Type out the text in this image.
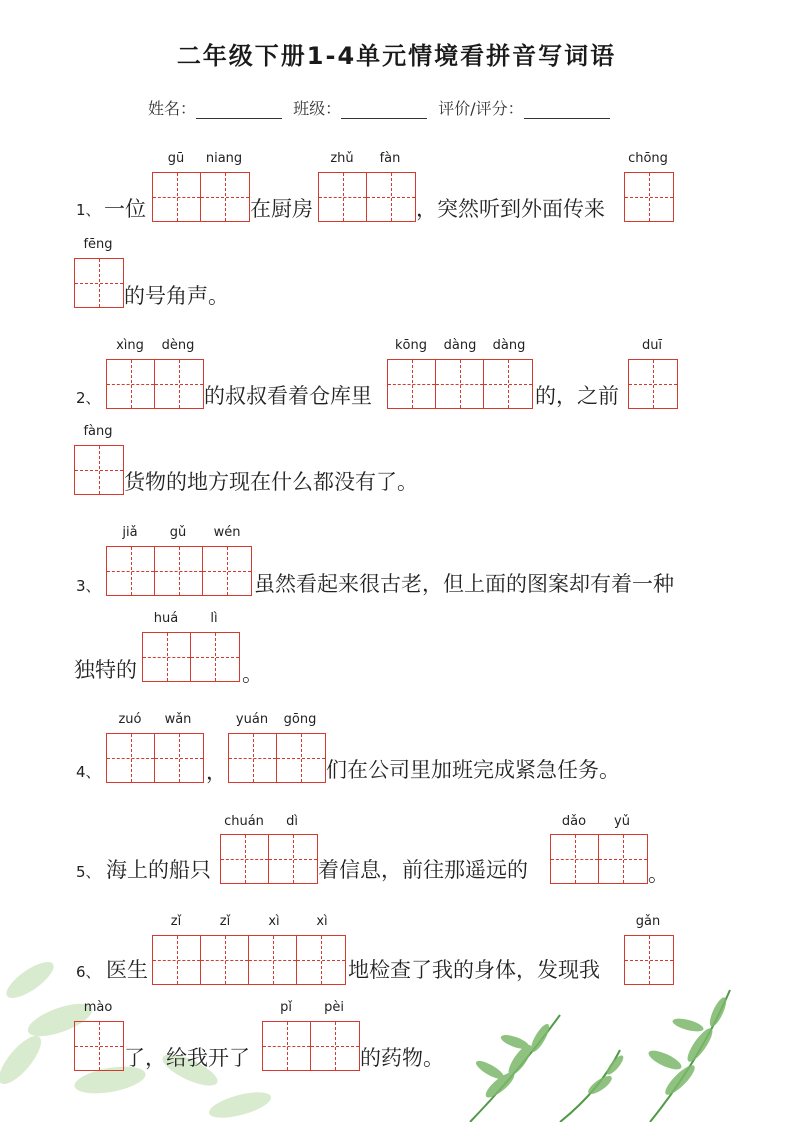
二年级下册1-4单元情境看拼音写词语
姓名：	班级：	评价/评分：
1、 一位
gū	niang
在厨房
zhǔ	fàn
，突然听到外面传来
chōng
fēng
的号角声。
2、
xìng	dèng
的叔叔看着仓库里
kōng	dàng	dàng
的，之前
duī
fàng
货物的地方现在什么都没有了。
3、
jiǎ	gǔ	wén
虽然看起来很古老，但上面的图案却有着一种
独特的
huá	lì
。
4、
zuó	wǎn
，
yuán	gōng
们在公司里加班完成紧急任务。
5、 海上的船只
chuán	dì
着信息，前往那遥远的
dǎo	yǔ
。
6、 医生
zǐ	zǐ	xì	xì
地检查了我的身体，发现我
gǎn
mào
了，给我开了
pǐ	pèi
的药物。
